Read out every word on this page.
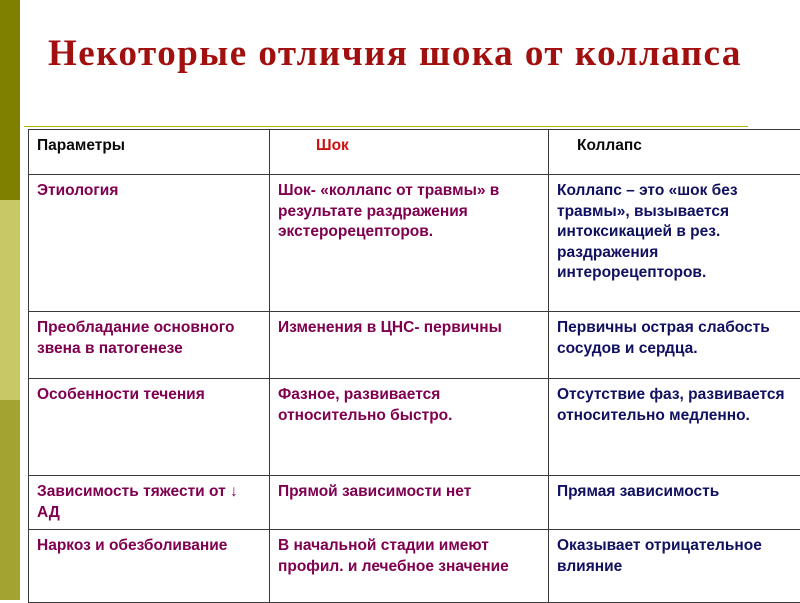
Некоторые отличия шока от коллапса
Параметры	Шок	Коллапс
Этиология	Шок- «коллапс от травмы» в результате раздражения экстерорецепторов.	Коллапс – это «шок без травмы», вызывается интоксикацией в рез. раздражения интерорецепторов.
Преобладание основного звена в патогенезе	Изменения в ЦНС- первичны	Первичны острая слабость сосудов и сердца.
Особенности течения	Фазное, развивается относительно быстро.	Отсутствие фаз, развивается относительно медленно.
Зависимость тяжести от ↓ АД	Прямой зависимости нет	Прямая зависимость
Наркоз и обезболивание	В начальной стадии имеют профил. и лечебное значение	Оказывает отрицательное влияние
